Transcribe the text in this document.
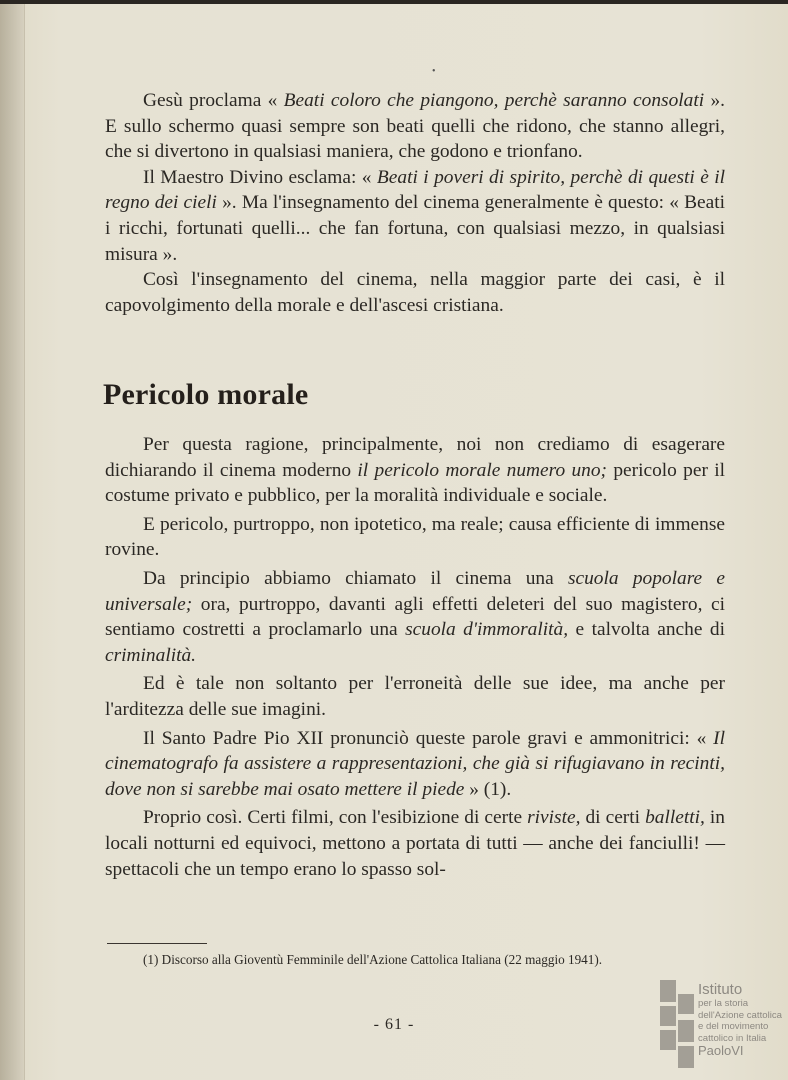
•

Gesù proclama « Beati coloro che piangono, perchè saranno consolati ». E sullo schermo quasi sempre son beati quelli che ridono, che stanno allegri, che si divertono in qualsiasi maniera, che godono e trionfano.

Il Maestro Divino esclama: « Beati i poveri di spirito, perchè di questi è il regno dei cieli ». Ma l'insegnamento del cinema generalmente è questo: « Beati i ricchi, fortunati quelli... che fan fortuna, con qualsiasi mezzo, in qualsiasi misura ».

Così l'insegnamento del cinema, nella maggior parte dei casi, è il capovolgimento della morale e dell'ascesi cristiana.

Pericolo morale

Per questa ragione, principalmente, noi non crediamo di esagerare dichiarando il cinema moderno il pericolo morale numero uno; pericolo per il costume privato e pubblico, per la moralità individuale e sociale.

E pericolo, purtroppo, non ipotetico, ma reale; causa efficiente di immense rovine.

Da principio abbiamo chiamato il cinema una scuola popolare e universale; ora, purtroppo, davanti agli effetti deleteri del suo magistero, ci sentiamo costretti a proclamarlo una scuola d'immoralità, e talvolta anche di criminalità.

Ed è tale non soltanto per l'erroneità delle sue idee, ma anche per l'arditezza delle sue imagini.

Il Santo Padre Pio XII pronunciò queste parole gravi e ammonitrici: « Il cinematografo fa assistere a rappresentazioni, che già si rifugiavano in recinti, dove non si sarebbe mai osato mettere il piede » (1).

Proprio così. Certi filmi, con l'esibizione di certe riviste, di certi balletti, in locali notturni ed equivoci, mettono a portata di tutti — anche dei fanciulli! — spettacoli che un tempo erano lo spasso sol-

(1) Discorso alla Gioventù Femminile dell'Azione Cattolica Italiana (22 maggio 1941).

- 61 -
Istituto
per la storia
dell'Azione cattolica
e del movimento
cattolico in Italia
PaoloVI
